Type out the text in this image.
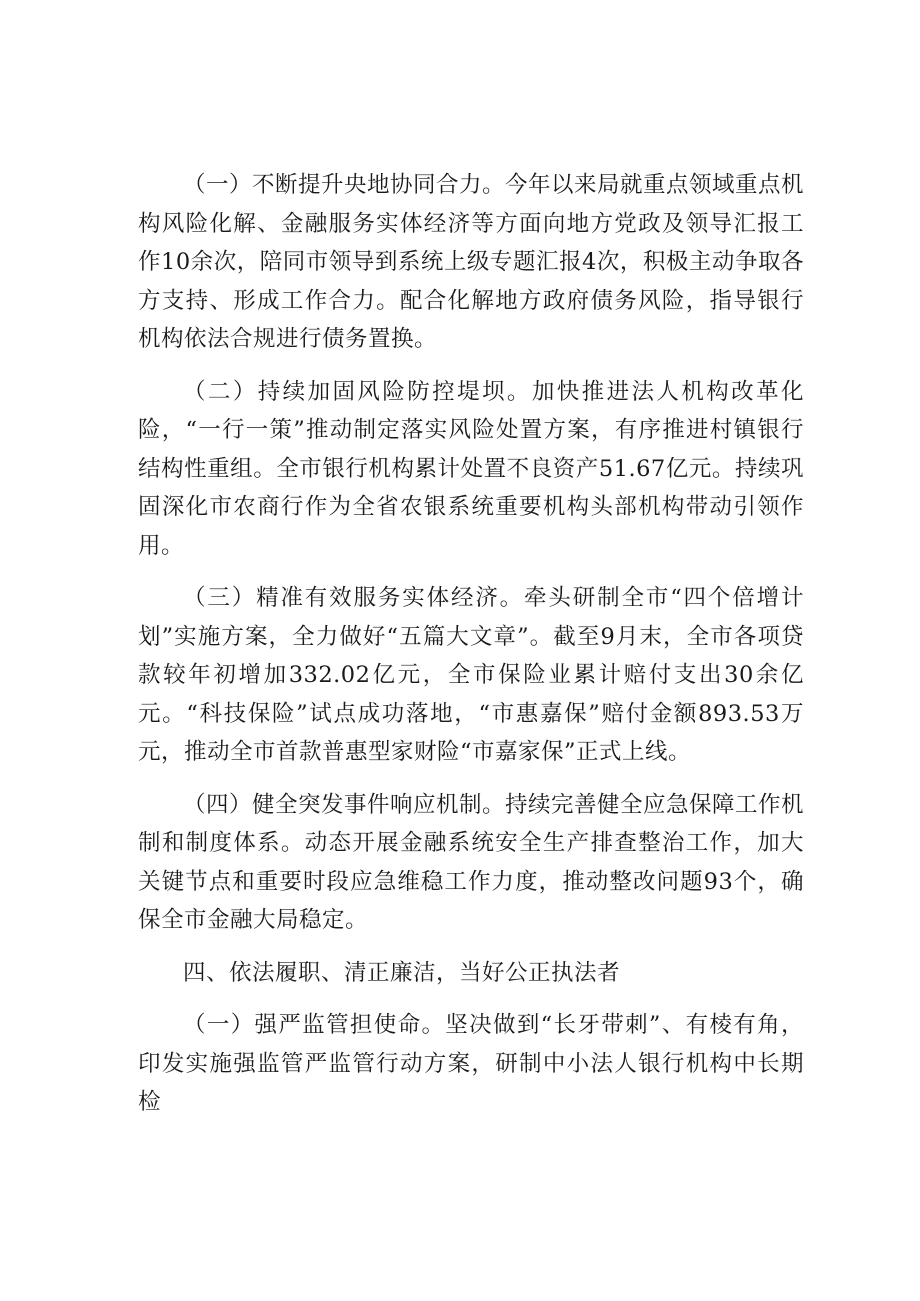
（一）不断提升央地协同合力。今年以来局就重点领域重点机构风险化解、金融服务实体经济等方面向地方党政及领导汇报工作10余次，陪同市领导到系统上级专题汇报4次，积极主动争取各方支持、形成工作合力。配合化解地方政府债务风险，指导银行机构依法合规进行债务置换。

（二）持续加固风险防控堤坝。加快推进法人机构改革化险，“一行一策”推动制定落实风险处置方案，有序推进村镇银行结构性重组。全市银行机构累计处置不良资产51.67亿元。持续巩固深化市农商行作为全省农银系统重要机构头部机构带动引领作用。

（三）精准有效服务实体经济。牵头研制全市“四个倍增计划”实施方案，全力做好“五篇大文章”。截至9月末，全市各项贷款较年初增加332.02亿元，全市保险业累计赔付支出30余亿元。“科技保险”试点成功落地，“市惠嘉保”赔付金额893.53万元，推动全市首款普惠型家财险“市嘉家保”正式上线。

（四）健全突发事件响应机制。持续完善健全应急保障工作机制和制度体系。动态开展金融系统安全生产排查整治工作，加大关键节点和重要时段应急维稳工作力度，推动整改问题93个，确保全市金融大局稳定。

四、依法履职、清正廉洁，当好公正执法者

（一）强严监管担使命。坚决做到“长牙带刺”、有棱有角，印发实施强监管严监管行动方案，研制中小法人银行机构中长期检
